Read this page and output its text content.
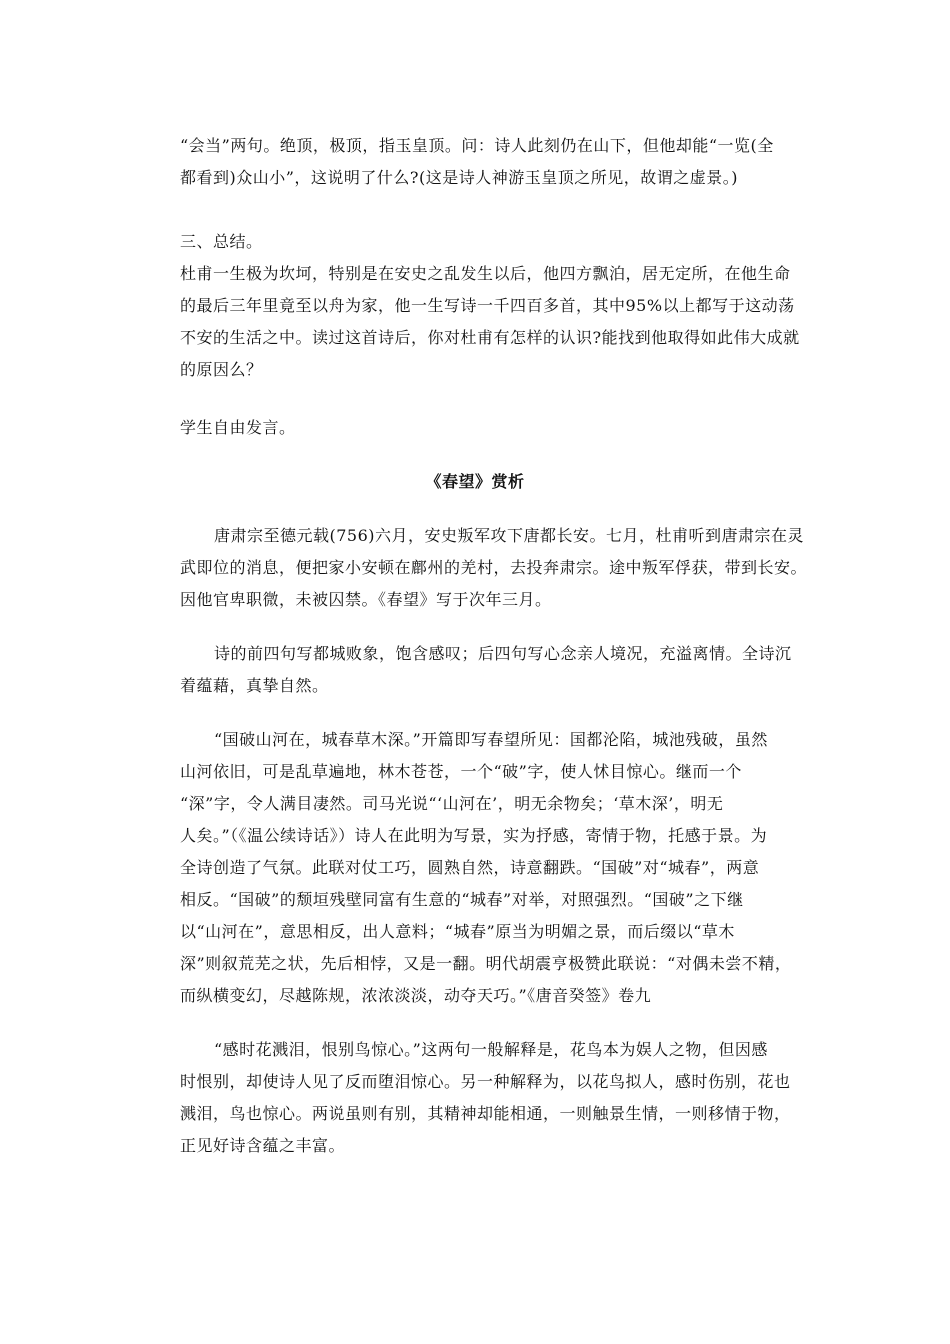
“会当”两句。绝顶，极顶，指玉皇顶。问：诗人此刻仍在山下，但他却能“一览(全
都看到)众山小”，这说明了什么?(这是诗人神游玉皇顶之所见，故谓之虚景。)
三、总结。
杜甫一生极为坎坷，特别是在安史之乱发生以后，他四方飘泊，居无定所，在他生命
的最后三年里竟至以舟为家，他一生写诗一千四百多首，其中95%以上都写于这动荡
不安的生活之中。读过这首诗后，你对杜甫有怎样的认识?能找到他取得如此伟大成就
的原因么？
学生自由发言。
《春望》赏析
唐肃宗至德元载(756)六月，安史叛军攻下唐都长安。七月，杜甫听到唐肃宗在灵
武即位的消息，便把家小安顿在鄜州的羌村，去投奔肃宗。途中叛军俘获，带到长安。
因他官卑职微，未被囚禁。《春望》写于次年三月。
诗的前四句写都城败象，饱含感叹；后四句写心念亲人境况，充溢离情。全诗沉
着蕴藉，真挚自然。
“国破山河在，城春草木深。”开篇即写春望所见：国都沦陷，城池残破，虽然
山河依旧，可是乱草遍地，林木苍苍，一个“破”字，使人怵目惊心。继而一个
“深”字，令人满目凄然。司马光说“‘山河在’，明无余物矣；‘草木深’，明无
人矣。”（《温公续诗话》）诗人在此明为写景，实为抒感，寄情于物，托感于景。为
全诗创造了气氛。此联对仗工巧，圆熟自然，诗意翻跌。“国破”对“城春”，两意
相反。“国破”的颓垣残壁同富有生意的“城春”对举，对照强烈。“国破”之下继
以“山河在”，意思相反，出人意料；“城春”原当为明媚之景，而后缀以“草木
深”则叙荒芜之状，先后相悖，又是一翻。明代胡震亨极赞此联说：“对偶未尝不精，
而纵横变幻，尽越陈规，浓浓淡淡，动夺天巧。”《唐音癸签》卷九
“感时花溅泪，恨别鸟惊心。”这两句一般解释是，花鸟本为娱人之物，但因感
时恨别，却使诗人见了反而堕泪惊心。另一种解释为，以花鸟拟人，感时伤别，花也
溅泪，鸟也惊心。两说虽则有别，其精神却能相通，一则触景生情，一则移情于物，
正见好诗含蕴之丰富。
